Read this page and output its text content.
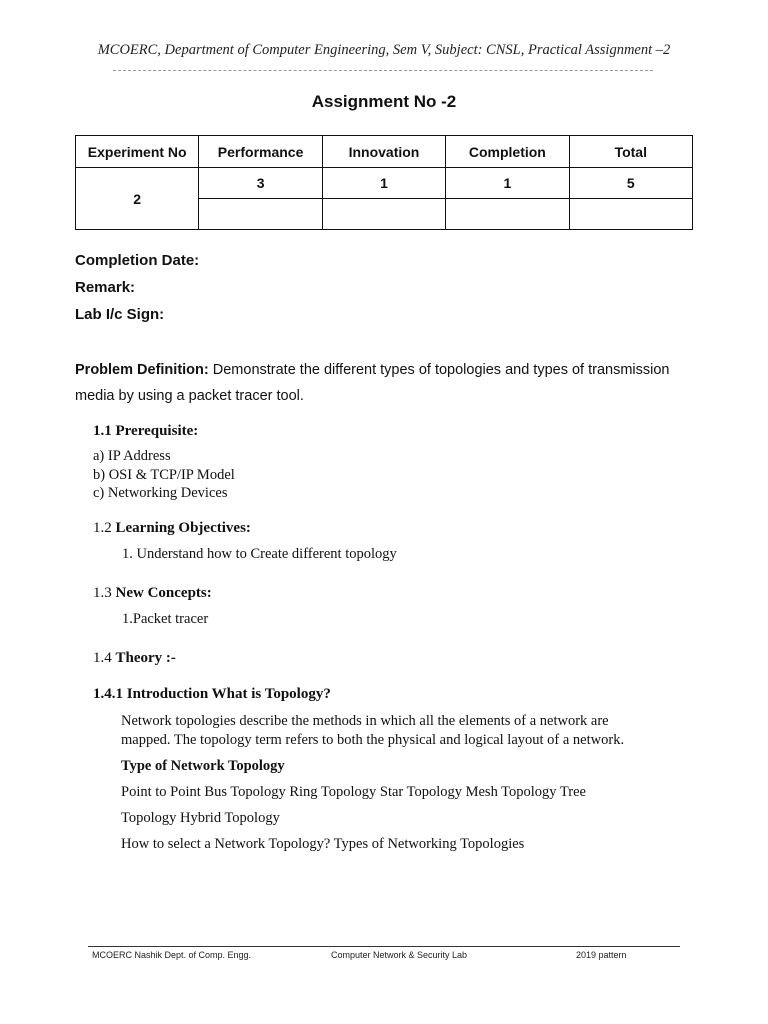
MCOERC, Department of Computer Engineering, Sem V, Subject: CNSL, Practical Assignment –2
Assignment No -2
Experiment No	Performance	Innovation	Completion	Total
2	3	1	1	5

Completion Date:
Remark:
Lab I/c Sign:
Problem Definition: Demonstrate the different types of topologies and types of transmission media by using a packet tracer tool.
1.1 Prerequisite:
a) IP Address
b) OSI & TCP/IP Model
c) Networking Devices
1.2 Learning Objectives:
1. Understand how to Create different topology
1.3 New Concepts:
1.Packet tracer
1.4 Theory :-
1.4.1 Introduction What is Topology?
Network topologies describe the methods in which all the elements of a network are mapped. The topology term refers to both the physical and logical layout of a network.
Type of Network Topology
Point to Point Bus Topology Ring Topology Star Topology Mesh Topology Tree
Topology Hybrid Topology
How to select a Network Topology? Types of Networking Topologies
MCOERC Nashik Dept. of Comp. Engg.	Computer Network & Security Lab	2019 pattern
